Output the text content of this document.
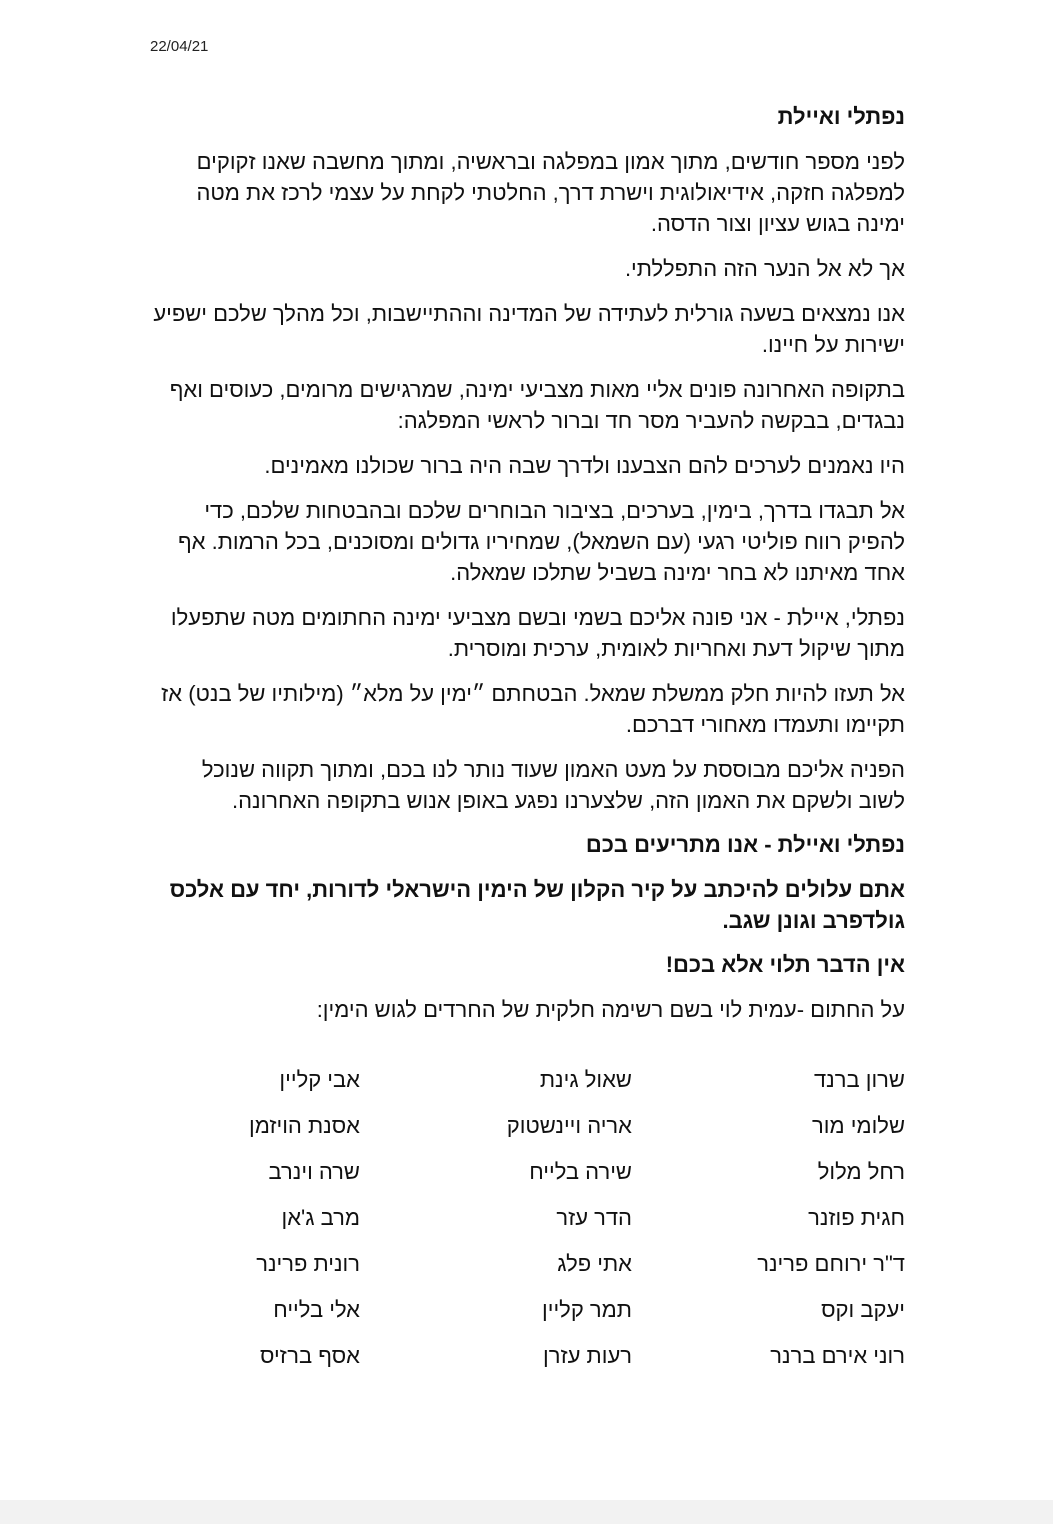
22/04/21
נפתלי ואיילת
לפני מספר חודשים, מתוך אמון במפלגה ובראשיה, ומתוך מחשבה שאנו זקוקים למפלגה חזקה, אידיאולוגית וישרת דרך, החלטתי לקחת על עצמי לרכז את מטה ימינה בגוש עציון וצור הדסה.
אך לא אל הנער הזה התפללתי.
אנו נמצאים בשעה גורלית לעתידה של המדינה וההתיישבות, וכל מהלך שלכם ישפיע ישירות על חיינו.
בתקופה האחרונה פונים אליי מאות מצביעי ימינה, שמרגישים מרומים, כעוסים ואף נבגדים, בבקשה להעביר מסר חד וברור לראשי המפלגה:
היו נאמנים לערכים להם הצבענו ולדרך שבה היה ברור שכולנו מאמינים.
אל תבגדו בדרך, בימין, בערכים, בציבור הבוחרים שלכם ובהבטחות שלכם, כדי להפיק רווח פוליטי רגעי (עם השמאל), שמחיריו גדולים ומסוכנים, בכל הרמות. אף אחד מאיתנו לא בחר ימינה בשביל שתלכו שמאלה.
נפתלי, איילת - אני פונה אליכם בשמי ובשם מצביעי ימינה החתומים מטה שתפעלו מתוך שיקול דעת ואחריות לאומית, ערכית ומוסרית.
אל תעזו להיות חלק ממשלת שמאל. הבטחתם ״ימין על מלא״ (מילותיו של בנט) אז תקיימו ותעמדו מאחורי דברכם.
הפניה אליכם מבוססת על מעט האמון שעוד נותר לנו בכם, ומתוך תקווה שנוכל לשוב ולשקם את האמון הזה, שלצערנו נפגע באופן אנוש בתקופה האחרונה.
נפתלי ואיילת - אנו מתריעים בכם
אתם עלולים להיכתב על קיר הקלון של הימין הישראלי לדורות, יחד עם אלכס גולדפרב וגונן שגב.
אין הדבר תלוי אלא בכם!
על החתום -עמית לוי בשם רשימה חלקית של החרדים לגוש הימין:
שרון ברנד
שאול גינת
אבי קליין
שלומי מור
אריה ויינשטוק
אסנת הויזמן
רחל מלול
שירה בלייח
שרה וינרב
חגית פוזנר
הדר עזר
מרב ג'אן
ד"ר ירוחם פרינר
אתי פלג
רונית פרינר
יעקב וקס
תמר קליין
אלי בלייח
רוני אירם ברנר
רעות עזרן
אסף ברזיס
